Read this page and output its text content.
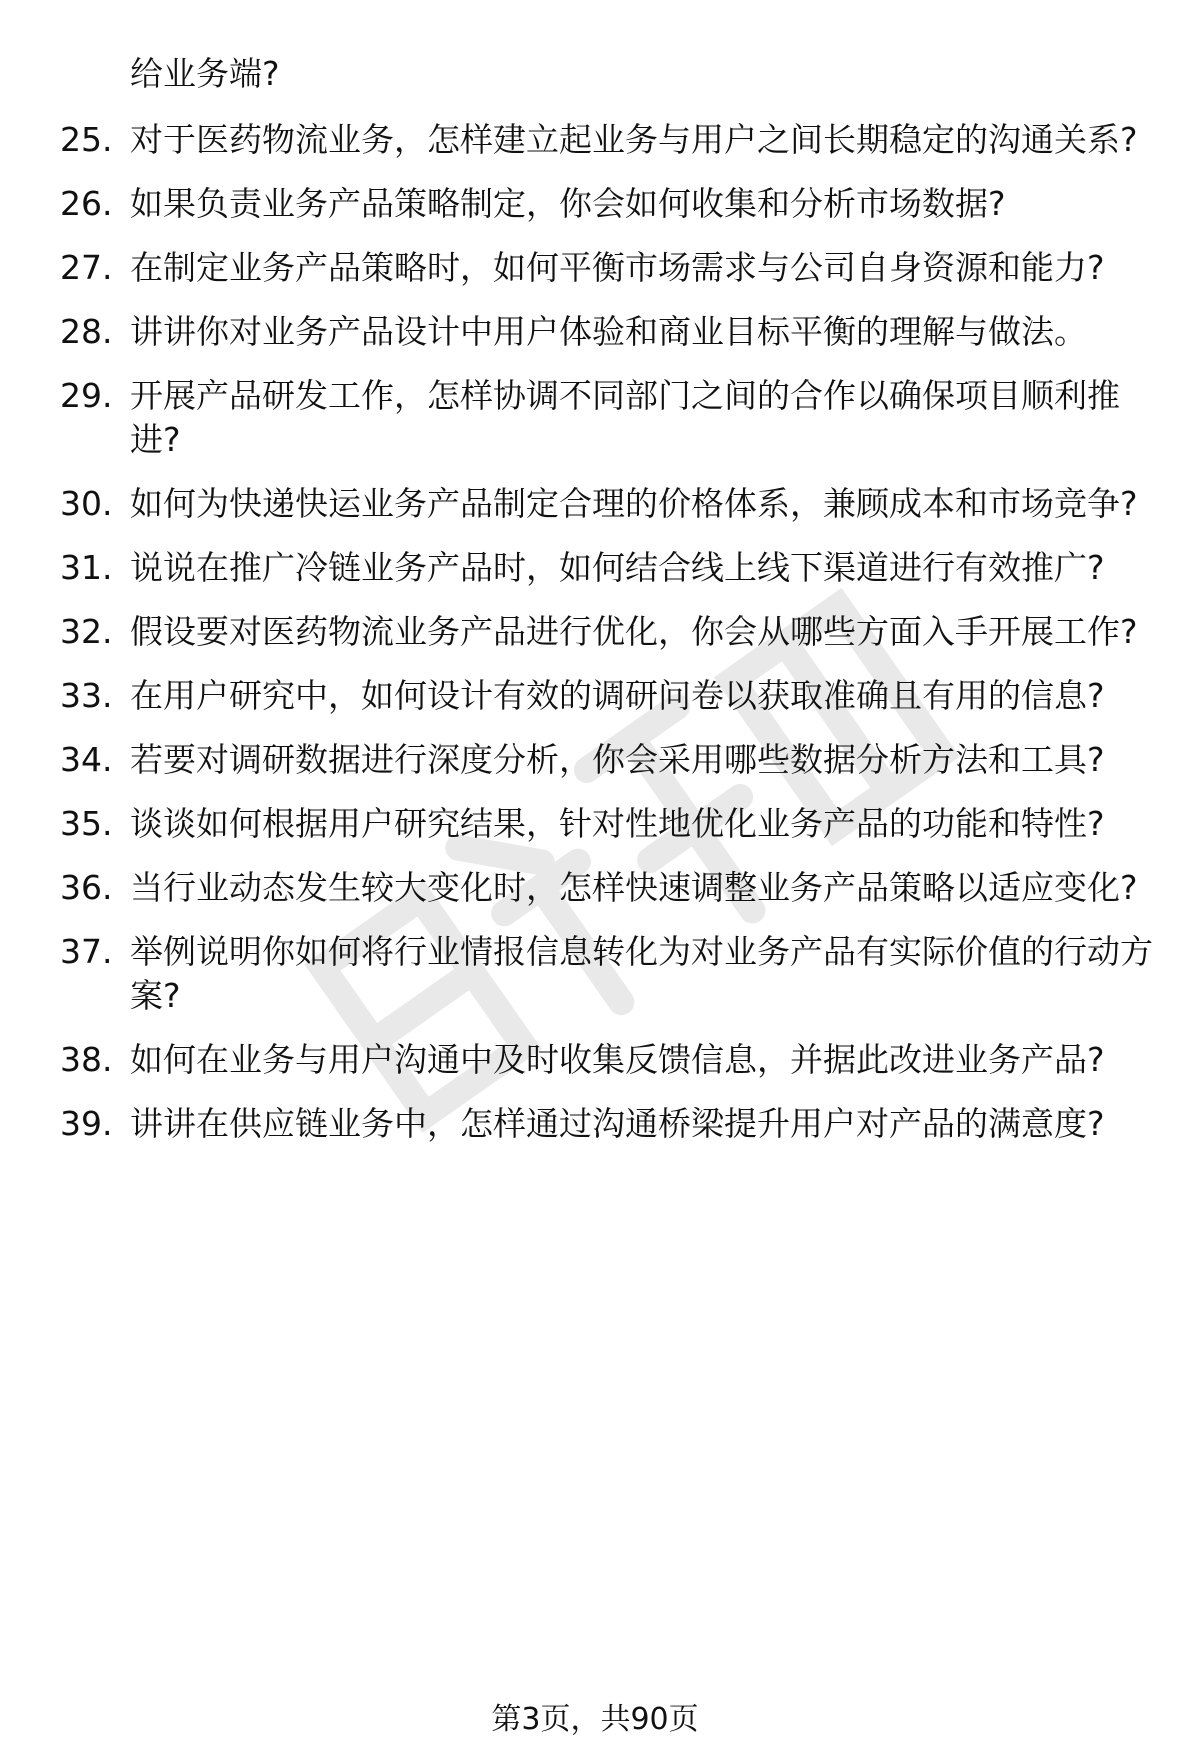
给业务端?
25. 对于医药物流业务，怎样建立起业务与用户之间长期稳定的沟通关系?
26. 如果负责业务产品策略制定，你会如何收集和分析市场数据?
27. 在制定业务产品策略时，如何平衡市场需求与公司自身资源和能力?
28. 讲讲你对业务产品设计中用户体验和商业目标平衡的理解与做法。
29. 开展产品研发工作，怎样协调不同部门之间的合作以确保项目顺利推进?
30. 如何为快递快运业务产品制定合理的价格体系，兼顾成本和市场竞争?
31. 说说在推广冷链业务产品时，如何结合线上线下渠道进行有效推广?
32. 假设要对医药物流业务产品进行优化，你会从哪些方面入手开展工作?
33. 在用户研究中，如何设计有效的调研问卷以获取准确且有用的信息?
34. 若要对调研数据进行深度分析，你会采用哪些数据分析方法和工具?
35. 谈谈如何根据用户研究结果，针对性地优化业务产品的功能和特性?
36. 当行业动态发生较大变化时，怎样快速调整业务产品策略以适应变化?
37. 举例说明你如何将行业情报信息转化为对业务产品有实际价值的行动方案?
38. 如何在业务与用户沟通中及时收集反馈信息，并据此改进业务产品?
39. 讲讲在供应链业务中，怎样通过沟通桥梁提升用户对产品的满意度?
第3页，共90页
